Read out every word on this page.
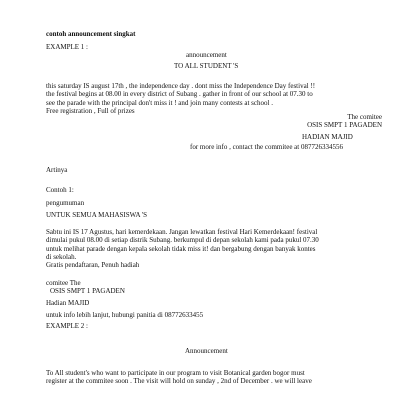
contoh announcement singkat

EXAMPLE 1 :

announcement

TO ALL STUDENT 'S

this saturday IS august 17th , the independence day . dont miss the Independence Day festival !!
the festival begins at 08.00 in every district of Subang . gather in front of our school at 07.30 to
see the parade with the principal don't miss it ! and join many contests at school .
Free registration , Full of prizes

The comitee

OSIS SMPT 1 PAGADEN

HADIAN MAJID

for more info , contact the commitee at 087726334556

Artinya

Contoh 1:

pengumuman

UNTUK SEMUA MAHASISWA 'S

Sabtu ini IS 17 Agustus, hari kemerdekaan. Jangan lewatkan festival Hari Kemerdekaan! festival
dimulai pukul 08.00 di setiap distrik Subang. berkumpul di depan sekolah kami pada pukul 07.30
untuk melihat parade dengan kepala sekolah tidak miss it! dan bergabung dengan banyak kontes
di sekolah.
Gratis pendaftaran, Penuh hadiah

comitee The

OSIS SMPT 1 PAGADEN

Hadian MAJID

untuk info lebih lanjut, hubungi panitia di 08772633455

EXAMPLE 2 :

Announcement

To All student's who want to participate in our program to visit Botanical garden bogor must
register at the commitee soon . The visit will hold on sunday , 2nd of December . we will leave
